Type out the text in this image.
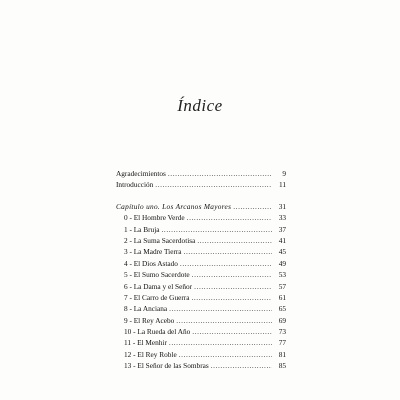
Índice
Agradecimientos .....	9
Introducción .....	11
Capítulo uno. Los Arcanos Mayores .....	31
0 - El Hombre Verde .....	33
1 - La Bruja .....	37
2 - La Suma Sacerdotisa .....	41
3 - La Madre Tierra .....	45
4 - El Dios Astado .....	49
5 - El Sumo Sacerdote .....	53
6 - La Dama y el Señor .....	57
7 - El Carro de Guerra .....	61
8 - La Anciana .....	65
9 - El Rey Acebo .....	69
10 - La Rueda del Año .....	73
11 - El Menhir .....	77
12 - El Rey Roble .....	81
13 - El Señor de las Sombras .....	85
